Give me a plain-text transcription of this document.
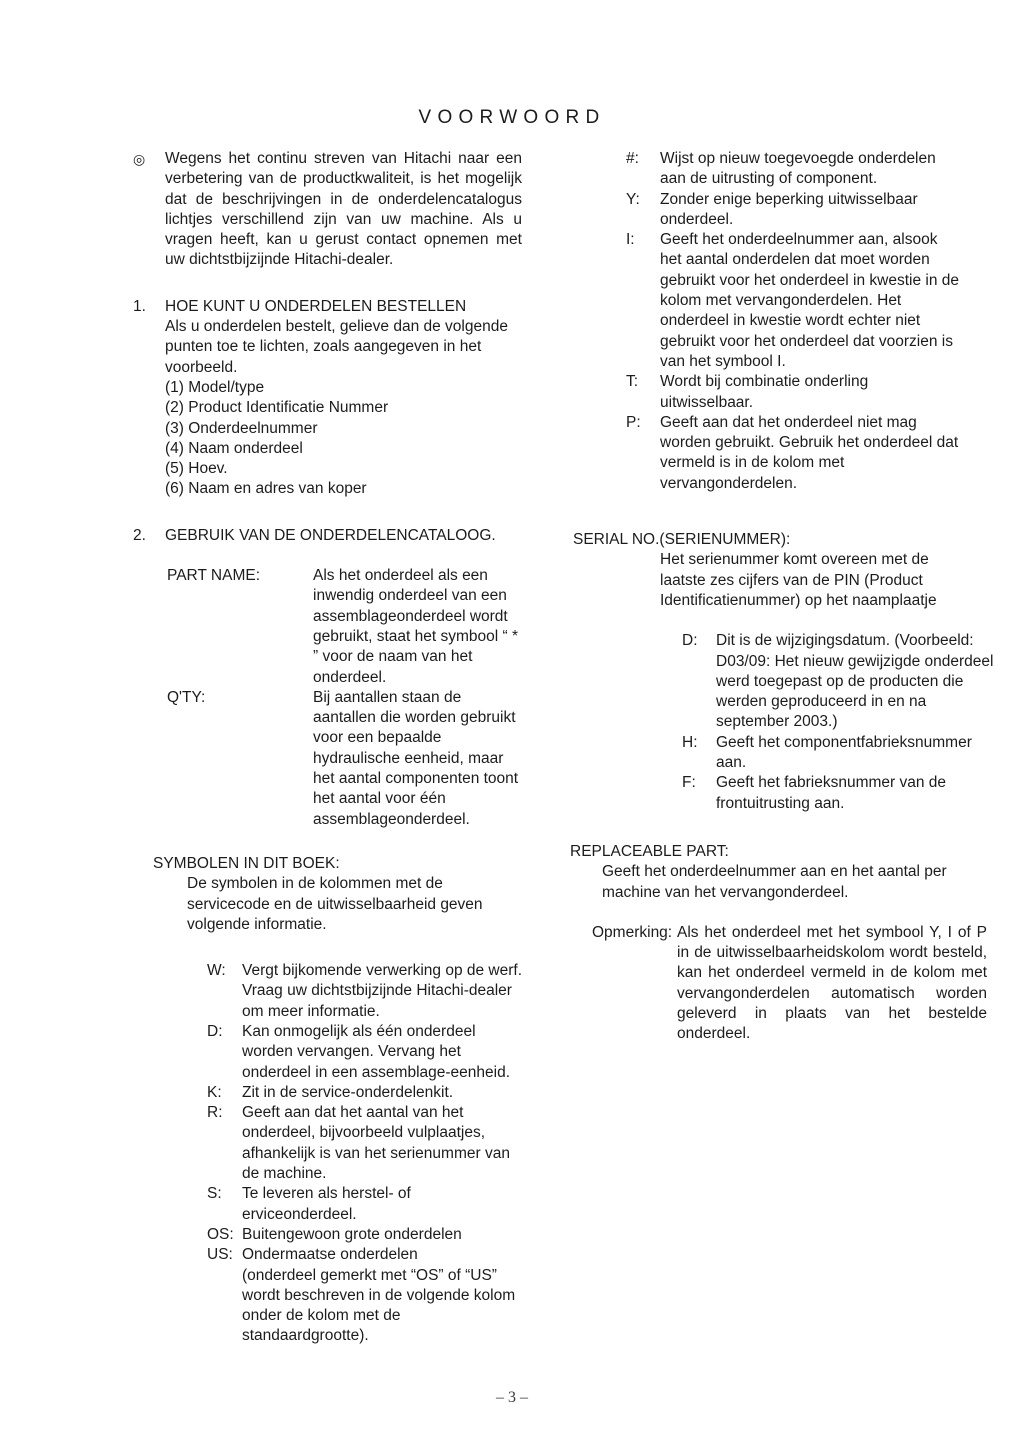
VOORWOORD
◎	Wegens het continu streven van Hitachi naar een verbetering van de productkwaliteit, is het mogelijk dat de beschrijvingen in de onderdelencatalogus lichtjes verschillend zijn van uw machine. Als u vragen heeft, kan u gerust contact opnemen met uw dichtstbijzijnde Hitachi-dealer.

1.	HOE KUNT U ONDERDELEN BESTELLEN

Als u onderdelen bestelt, gelieve dan de volgende punten toe te lichten, zoals aangegeven in het voorbeeld.

(1) Model/type
(2) Product Identificatie Nummer
(3) Onderdeelnummer
(4) Naam onderdeel
(5) Hoev.
(6) Naam en adres van koper
2.	GEBRUIK VAN DE ONDERDELENCATALOOG.
PART NAME:	Als het onderdeel als een inwendig onderdeel van een assemblageonderdeel wordt gebruikt, staat het symbool “ * ” voor de naam van het onderdeel.
Q'TY:	Bij aantallen staan de aantallen die worden gebruikt voor een bepaalde hydraulische eenheid, maar het aantal componenten toont het aantal voor één assemblageonderdeel.
SYMBOLEN IN DIT BOEK:

De symbolen in de kolommen met de servicecode en de uitwisselbaarheid geven volgende informatie.

W:	Vergt bijkomende verwerking op de werf. Vraag uw dichtstbijzijnde Hitachi-dealer om meer informatie.
D:	Kan onmogelijk als één onderdeel worden vervangen. Vervang het onderdeel in een assemblage-eenheid.
K:	Zit in de service-onderdelenkit.
R:	Geeft aan dat het aantal van het onderdeel, bijvoorbeeld vulplaatjes, afhankelijk is van het serienummer van de machine.
S:	Te leveren als herstel- of erviceonderdeel.
OS: Buitengewoon grote onderdelen
US: Ondermaatse onderdelen
(onderdeel gemerkt met “OS” of “US” wordt beschreven in de volgende kolom onder de kolom met de standaardgrootte).
#:	Wijst op nieuw toegevoegde onderdelen aan de uitrusting of component.
Y:	Zonder enige beperking uitwisselbaar onderdeel.
I:	Geeft het onderdeelnummer aan, alsook het aantal onderdelen dat moet worden gebruikt voor het onderdeel in kwestie in de kolom met vervangonderdelen. Het onderdeel in kwestie wordt echter niet gebruikt voor het onderdeel dat voorzien is van het symbool I.
T:	Wordt bij combinatie onderling uitwisselbaar.
P:	Geeft aan dat het onderdeel niet mag worden gebruikt. Gebruik het onderdeel dat vermeld is in de kolom met vervangonderdelen.
SERIAL NO.(SERIENUMMER):

Het serienummer komt overeen met de laatste zes cijfers van de PIN (Product Identificatienummer) op het naamplaatje

D:	Dit is de wijzigingsdatum. (Voorbeeld: D03/09: Het nieuw gewijzigde onderdeel werd toegepast op de producten die werden geproduceerd in en na september 2003.)
H:	Geeft het componentfabrieksnummer aan.
F:	Geeft het fabrieksnummer van de frontuitrusting aan.
REPLACEABLE PART:

Geeft het onderdeelnummer aan en het aantal per machine van het vervangonderdeel.

Opmerking: Als het onderdeel met het symbool Y, I of P in de uitwisselbaarheidskolom wordt besteld, kan het onderdeel vermeld in de kolom met vervangonderdelen automatisch worden geleverd in plaats van het bestelde onderdeel.

– 3 –
